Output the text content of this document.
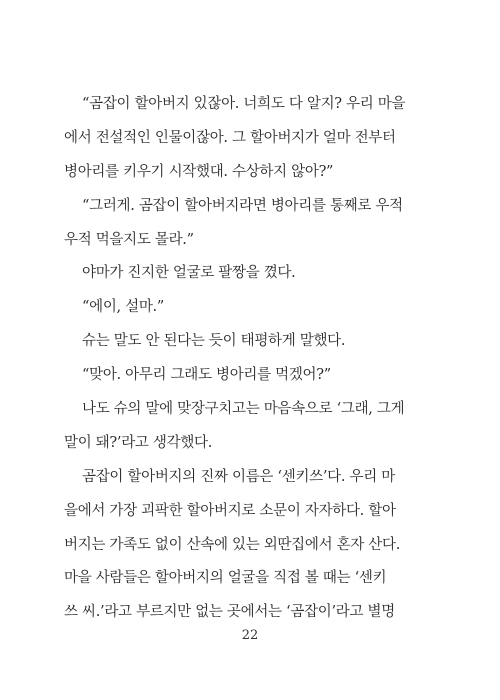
“곰잡이 할아버지 있잖아. 너희도 다 알지? 우리 마을
에서 전설적인 인물이잖아. 그 할아버지가 얼마 전부터
병아리를 키우기 시작했대. 수상하지 않아?”
“그러게. 곰잡이 할아버지라면 병아리를 통째로 우적
우적 먹을지도 몰라.”
야마가 진지한 얼굴로 팔짱을 꼈다.
“에이, 설마.”
슈는 말도 안 된다는 듯이 태평하게 말했다.
“맞아. 아무리 그래도 병아리를 먹겠어?”
나도 슈의 말에 맞장구치고는 마음속으로 ‘그래, 그게
말이 돼?’라고 생각했다.
곰잡이 할아버지의 진짜 이름은 ‘센키쓰’다. 우리 마
을에서 가장 괴팍한 할아버지로 소문이 자자하다. 할아
버지는 가족도 없이 산속에 있는 외딴집에서 혼자 산다.
마을 사람들은 할아버지의 얼굴을 직접 볼 때는 ‘센키
쓰 씨.’라고 부르지만 없는 곳에서는 ‘곰잡이’라고 별명
22
